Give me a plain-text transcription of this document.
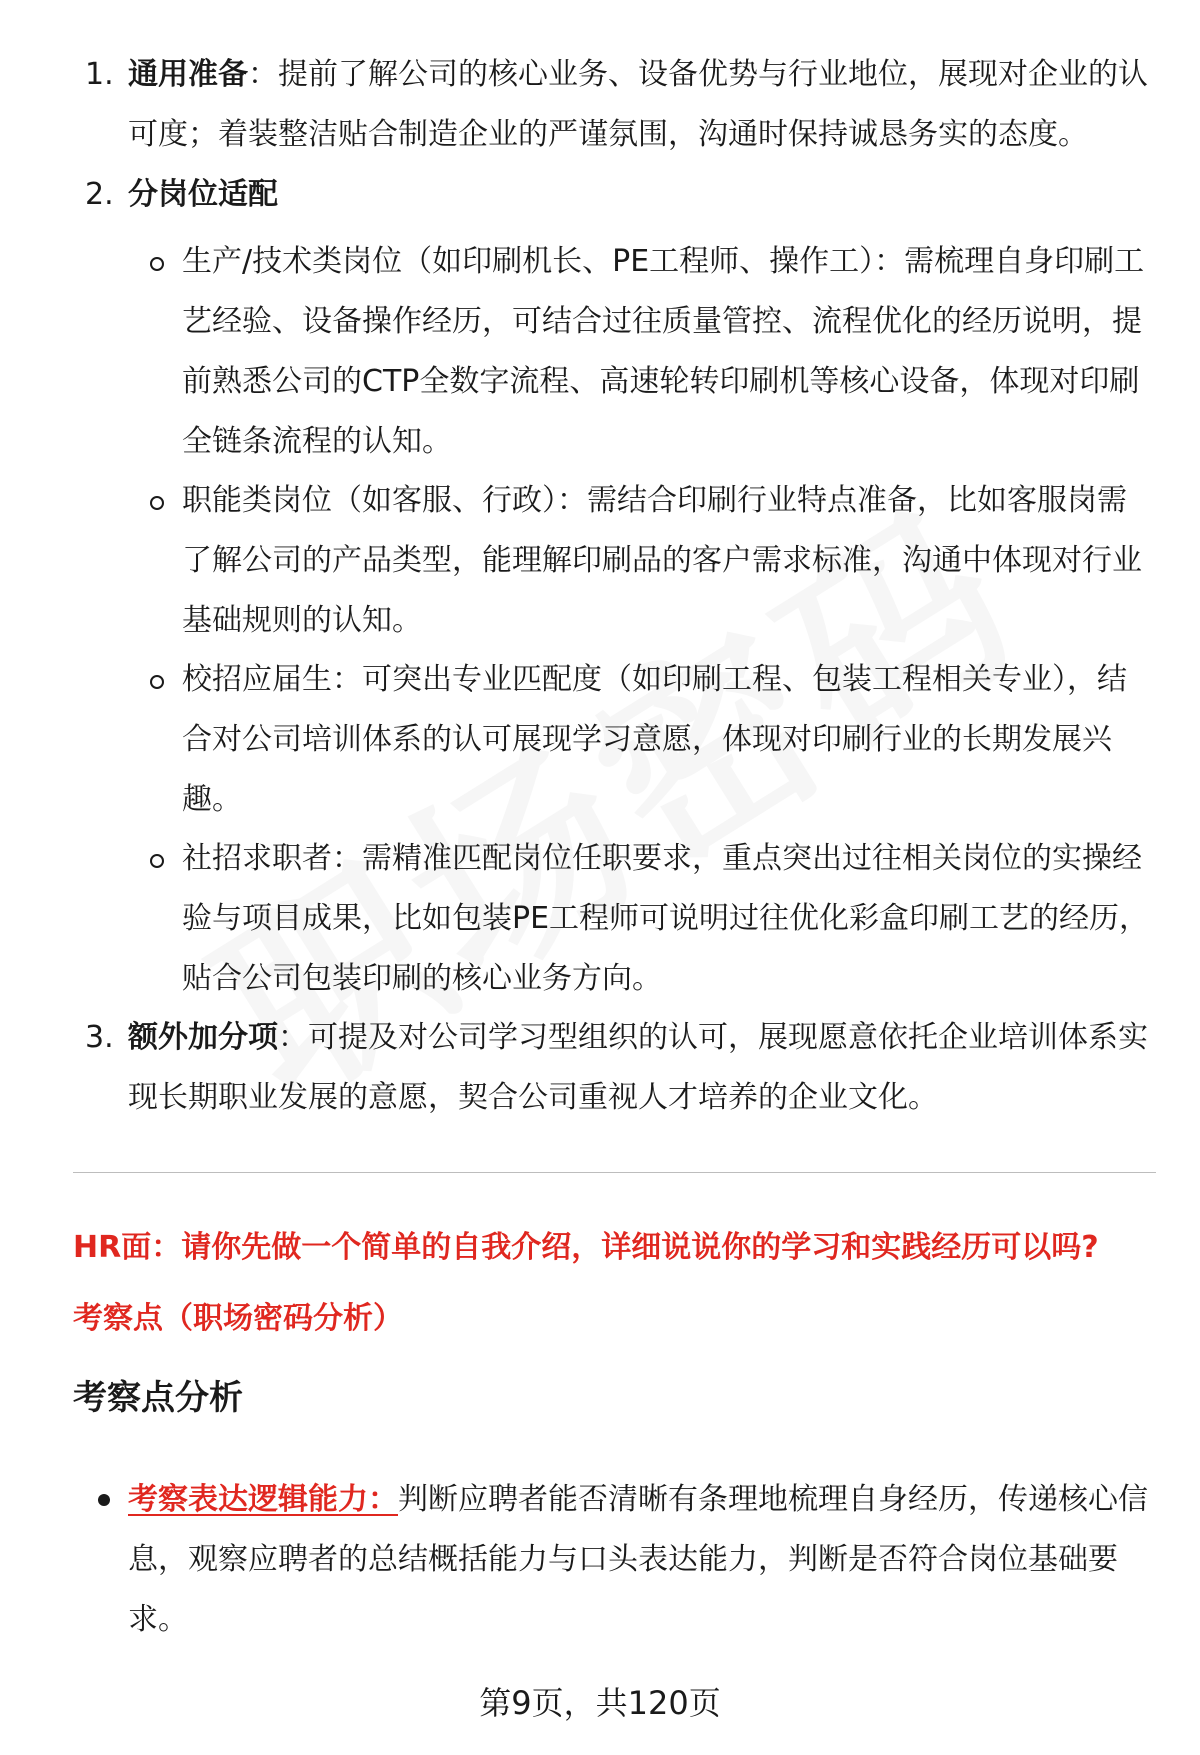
1. 通用准备：提前了解公司的核心业务、设备优势与行业地位，展现对企业的认可度；着装整洁贴合制造企业的严谨氛围，沟通时保持诚恳务实的态度。
2. 分岗位适配
生产/技术类岗位（如印刷机长、PE工程师、操作工）：需梳理自身印刷工艺经验、设备操作经历，可结合过往质量管控、流程优化的经历说明，提前熟悉公司的CTP全数字流程、高速轮转印刷机等核心设备，体现对印刷全链条流程的认知。
职能类岗位（如客服、行政）：需结合印刷行业特点准备，比如客服岗需了解公司的产品类型，能理解印刷品的客户需求标准，沟通中体现对行业基础规则的认知。
校招应届生：可突出专业匹配度（如印刷工程、包装工程相关专业），结合对公司培训体系的认可展现学习意愿，体现对印刷行业的长期发展兴趣。
社招求职者：需精准匹配岗位任职要求，重点突出过往相关岗位的实操经验与项目成果，比如包装PE工程师可说明过往优化彩盒印刷工艺的经历，贴合公司包装印刷的核心业务方向。
3. 额外加分项：可提及对公司学习型组织的认可，展现愿意依托企业培训体系实现长期职业发展的意愿，契合公司重视人才培养的企业文化。
HR面：请你先做一个简单的自我介绍，详细说说你的学习和实践经历可以吗?
考察点（职场密码分析）
考察点分析
考察表达逻辑能力：判断应聘者能否清晰有条理地梳理自身经历，传递核心信息，观察应聘者的总结概括能力与口头表达能力，判断是否符合岗位基础要求。
第9页，共120页
